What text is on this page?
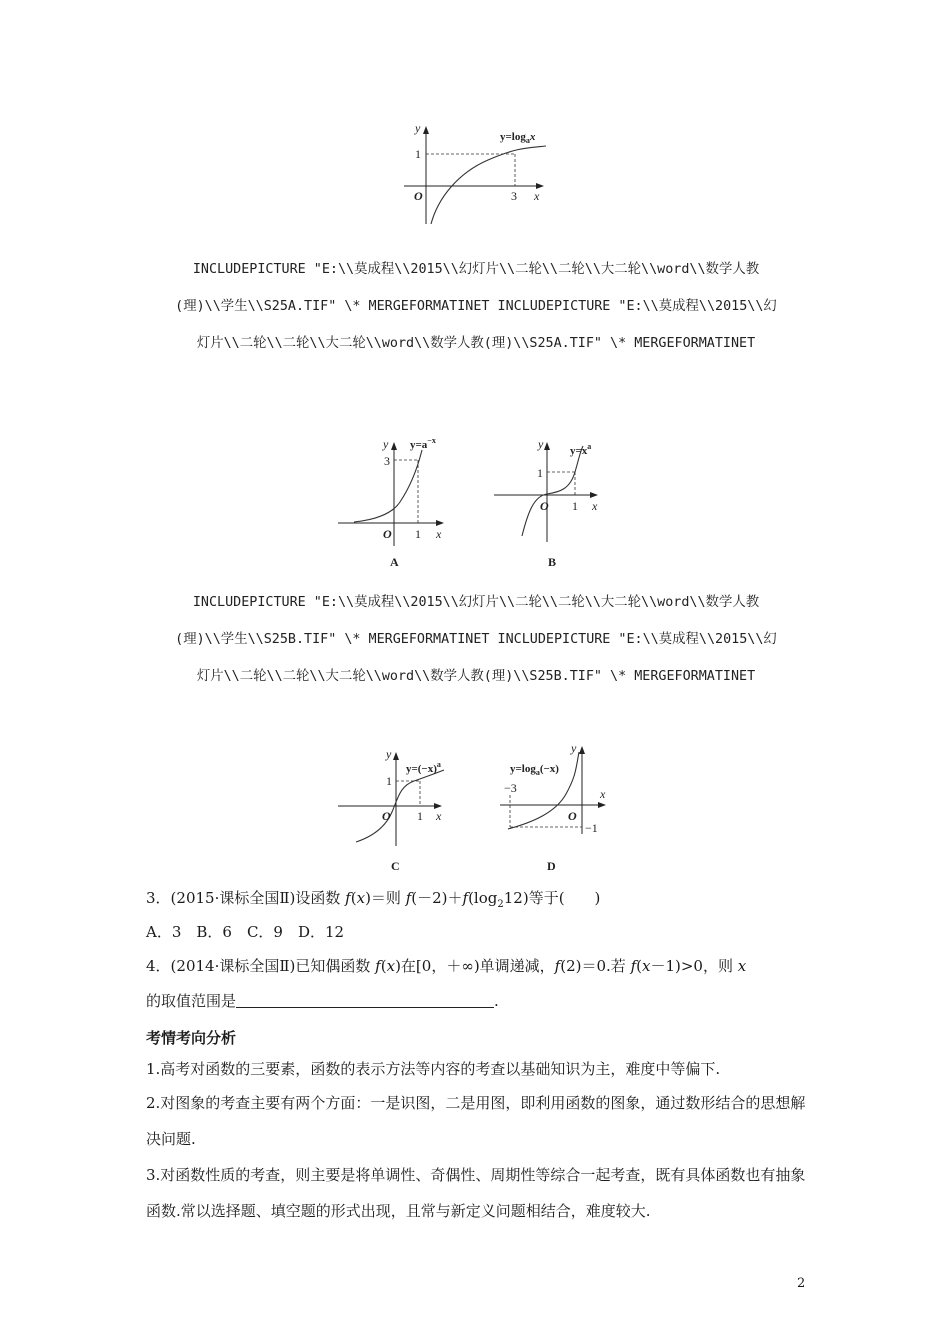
y
x
O
1
3
$y=\log_ax$
INCLUDEPICTURE "E:\\莫成程\\2015\\幻灯片\\二轮\\二轮\\大二轮\\word\\数学人教
(理)\\学生\\S25A.TIF" \* MERGEFORMATINET INCLUDEPICTURE "E:\\莫成程\\2015\\幻
灯片\\二轮\\二轮\\大二轮\\word\\数学人教(理)\\S25A.TIF" \* MERGEFORMATINET
y
x
O
3
1
$y=a^{-x}$
A
y
x
O
1
1
$y=x^a$
B
INCLUDEPICTURE "E:\\莫成程\\2015\\幻灯片\\二轮\\二轮\\大二轮\\word\\数学人教
(理)\\学生\\S25B.TIF" \* MERGEFORMATINET INCLUDEPICTURE "E:\\莫成程\\2015\\幻
灯片\\二轮\\二轮\\大二轮\\word\\数学人教(理)\\S25B.TIF" \* MERGEFORMATINET
y
x
O
1
1
$y=(-x)^a$
C
y
x
O
−3
−1
$y=\log_a(-x)$
D
3．(2015·课标全国Ⅱ)设函数 f(x)＝则 $f(-2)+f(\log_212)$等于(　　)
A．3　B．6　C．9　D．12
4．(2014·课标全国Ⅱ)已知偶函数 f(x)在[0，＋∞)单调递减，f(2)＝0.若 f(x－1)>0，则 x
的取值范围是	.
考情考向分析
1.高考对函数的三要素，函数的表示方法等内容的考查以基础知识为主，难度中等偏下.
2.对图象的考查主要有两个方面：一是识图，二是用图，即利用函数的图象，通过数形结合的思想解决问题.
3.对函数性质的考查，则主要是将单调性、奇偶性、周期性等综合一起考查，既有具体函数也有抽象函数.常以选择题、填空题的形式出现，且常与新定义问题相结合，难度较大.
2
